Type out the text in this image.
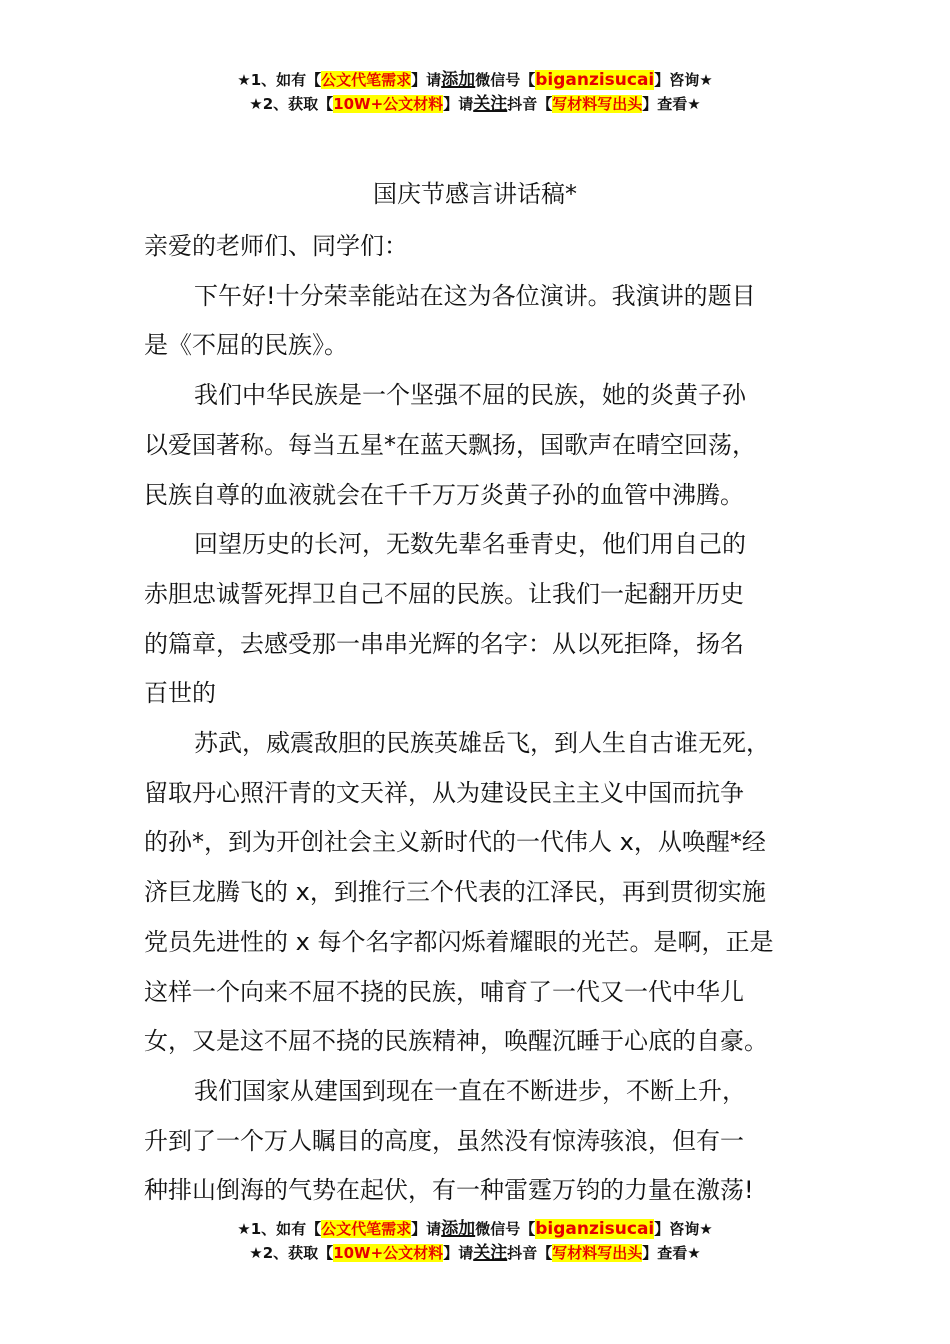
★1、如有【公文代笔需求】请添加微信号【biganzisucai】咨询★
★2、获取【10W+公文材料】请关注抖音【写材料写出头】查看★
国庆节感言讲话稿*

亲爱的老师们、同学们：

下午好!十分荣幸能站在这为各位演讲。我演讲的题目

是《不屈的民族》。

我们中华民族是一个坚强不屈的民族，她的炎黄子孙

以爱国著称。每当五星*在蓝天飘扬，国歌声在晴空回荡，

民族自尊的血液就会在千千万万炎黄子孙的血管中沸腾。

回望历史的长河，无数先辈名垂青史，他们用自己的

赤胆忠诚誓死捍卫自己不屈的民族。让我们一起翻开历史

的篇章，去感受那一串串光辉的名字：从以死拒降，扬名

百世的

苏武，威震敌胆的民族英雄岳飞，到人生自古谁无死，

留取丹心照汗青的文天祥，从为建设民主主义中国而抗争

的孙*，到为开创社会主义新时代的一代伟人 x，从唤醒*经

济巨龙腾飞的 x，到推行三个代表的江泽民，再到贯彻实施

党员先进性的 x 每个名字都闪烁着耀眼的光芒。是啊，正是

这样一个向来不屈不挠的民族，哺育了一代又一代中华儿

女，又是这不屈不挠的民族精神，唤醒沉睡于心底的自豪。

我们国家从建国到现在一直在不断进步，不断上升，

升到了一个万人瞩目的高度，虽然没有惊涛骇浪，但有一

种排山倒海的气势在起伏，有一种雷霆万钧的力量在激荡!

★1、如有【公文代笔需求】请添加微信号【biganzisucai】咨询★
★2、获取【10W+公文材料】请关注抖音【写材料写出头】查看★
